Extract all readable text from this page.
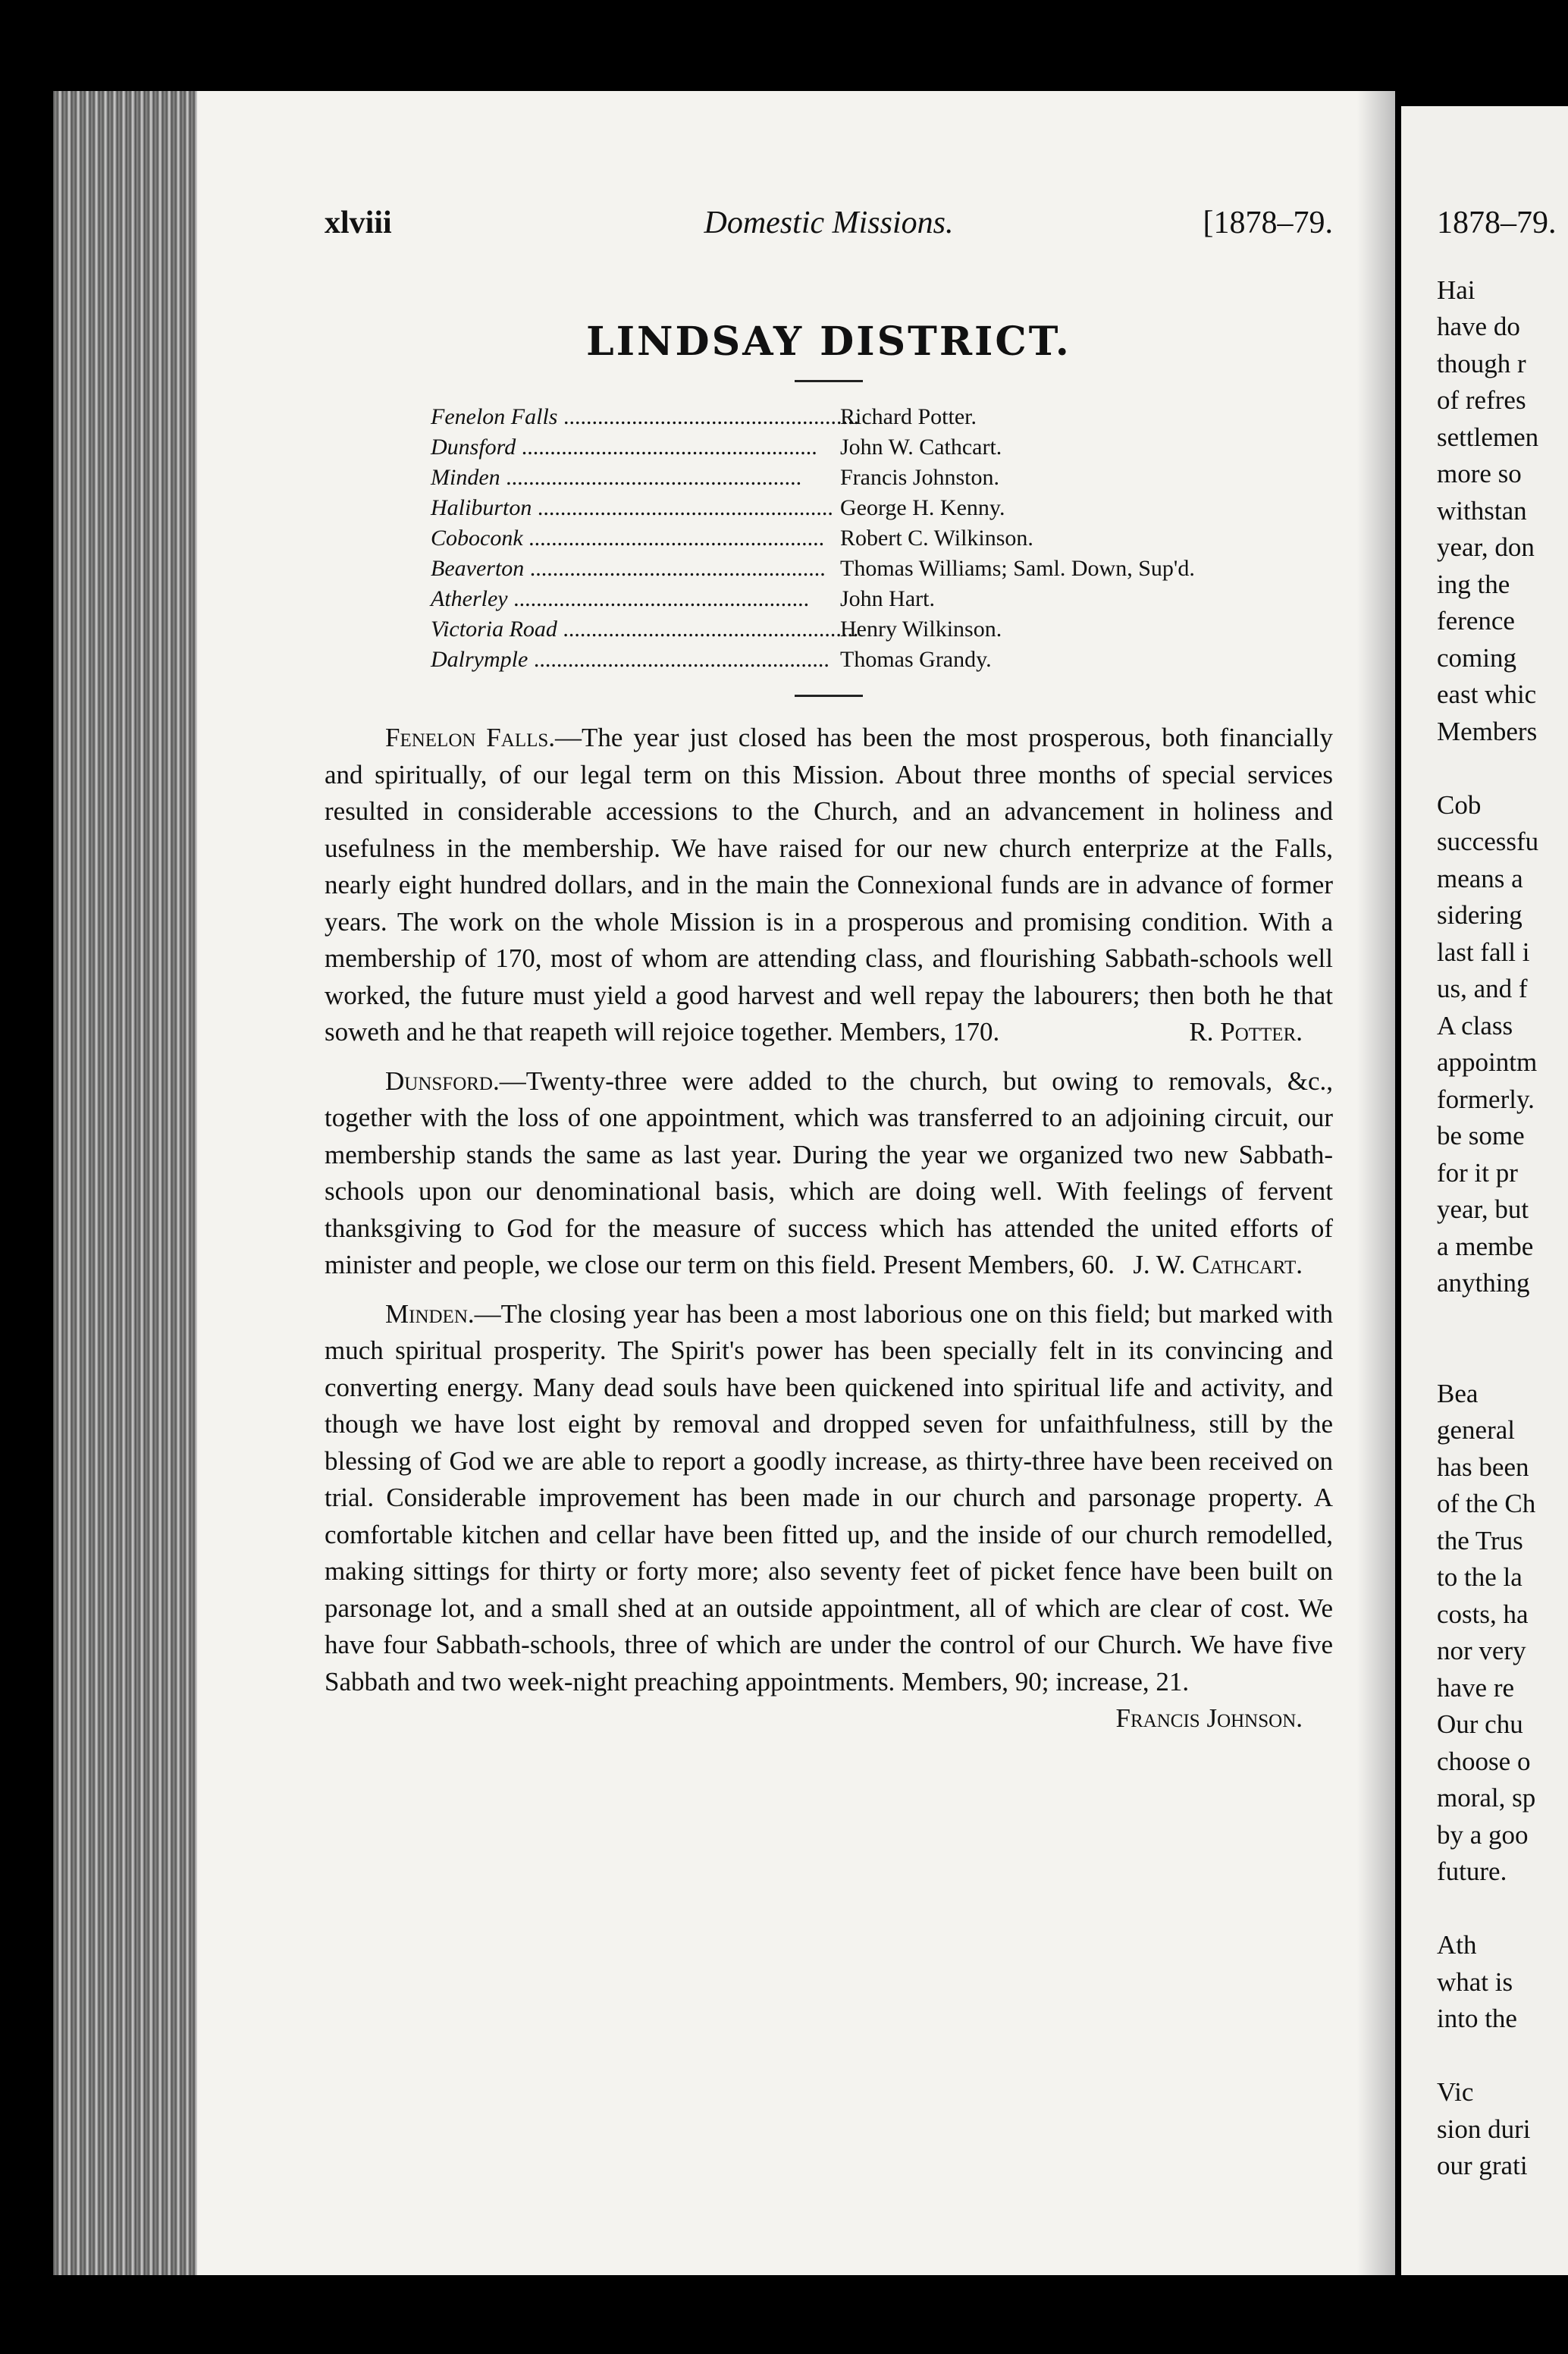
xlviii	Domestic Missions.	[1878–79.
LINDSAY DISTRICT.
Fenelon Falls .....	Richard Potter.
Dunsford .....	John W. Cathcart.
Minden .....	Francis Johnston.
Haliburton .....	George H. Kenny.
Coboconk .....	Robert C. Wilkinson.
Beaverton .....	Thomas Williams; Saml. Down, Sup'd.
Atherley .....	John Hart.
Victoria Road .....	Henry Wilkinson.
Dalrymple .....	Thomas Grandy.

Fenelon Falls.—The year just closed has been the most prosperous, both financially and spiritually, of our legal term on this Mission. About three months of special services resulted in considerable accessions to the Church, and an advancement in holiness and usefulness in the membership. We have raised for our new church enterprize at the Falls, nearly eight hundred dollars, and in the main the Connexional funds are in advance of former years. The work on the whole Mission is in a prosperous and promising condition. With a membership of 170, most of whom are attending class, and flourishing Sabbath-schools well worked, the future must yield a good harvest and well repay the labourers; then both he that soweth and he that reapeth will rejoice together. Members, 170.	R. Potter.

Dunsford.—Twenty-three were added to the church, but owing to removals, &c., together with the loss of one appointment, which was transferred to an adjoining circuit, our membership stands the same as last year. During the year we organized two new Sabbath-schools upon our denominational basis, which are doing well. With feelings of fervent thanksgiving to God for the measure of success which has attended the united efforts of minister and people, we close our term on this field. Present Members, 60. J. W. Cathcart.

Minden.—The closing year has been a most laborious one on this field; but marked with much spiritual prosperity. The Spirit's power has been specially felt in its convincing and converting energy. Many dead souls have been quickened into spiritual life and activity, and though we have lost eight by removal and dropped seven for unfaithfulness, still by the blessing of God we are able to report a goodly increase, as thirty-three have been received on trial. Considerable improvement has been made in our church and parsonage property. A comfortable kitchen and cellar have been fitted up, and the inside of our church remodelled, making sittings for thirty or forty more; also seventy feet of picket fence have been built on parsonage lot, and a small shed at an outside appointment, all of which are clear of cost. We have four Sabbath-schools, three of which are under the control of our Church. We have five Sabbath and two week-night preaching appointments. Members, 90; increase, 21.
Francis Johnson.

1878–79.
Hai
have do
though r
of refres
settlemen
more so
withstan
year, don
ing the
ference
coming
east whic
Members
Cob
successfu
means a
sidering
last fall i
us, and f
A class
appointm
formerly.
be some
for it pr
year, but
a membe
anything
Bea
general
has been
of the Ch
the Trus
to the la
costs, ha
nor very
have re
Our chu
choose o
moral, sp
by a goo
future.
Ath
what is
into the
Vic
sion duri
our grati
